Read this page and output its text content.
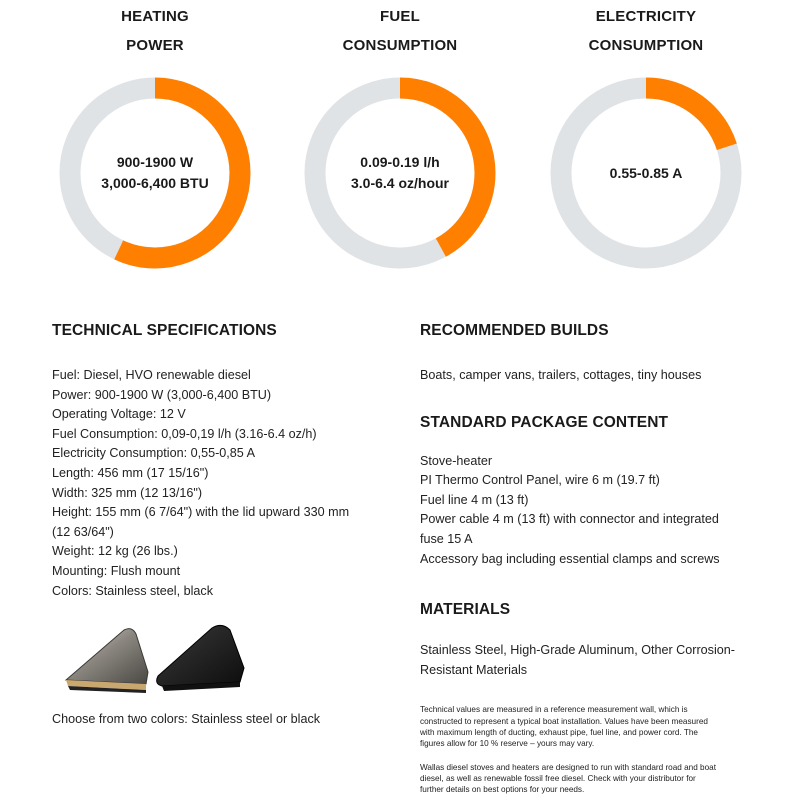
HEATING
POWER
900-1900 W
3,000-6,400 BTU
FUEL
CONSUMPTION
0.09-0.19 l/h
3.0-6.4 oz/hour
ELECTRICITY
CONSUMPTION
0.55-0.85 A
TECHNICAL SPECIFICATIONS
Fuel: Diesel, HVO renewable diesel
Power: 900-1900 W (3,000-6,400 BTU)
Operating Voltage: 12 V
Fuel Consumption: 0,09-0,19 l/h (3.16-6.4 oz/h)
Electricity Consumption: 0,55-0,85 A
Length: 456 mm (17 15/16")
Width: 325 mm (12 13/16")
Height: 155 mm (6 7/64") with the lid upward 330 mm
(12 63/64")
Weight: 12 kg (26 lbs.)
Mounting: Flush mount
Colors: Stainless steel, black
Choose from two colors: Stainless steel or black
RECOMMENDED BUILDS
Boats, camper vans, trailers, cottages, tiny houses
STANDARD PACKAGE CONTENT
Stove-heater
PI Thermo Control Panel, wire 6 m (19.7 ft)
Fuel line 4 m (13 ft)
Power cable 4 m (13 ft) with connector and integrated
fuse 15 A
Accessory bag including essential clamps and screws
MATERIALS
Stainless Steel, High-Grade Aluminum, Other Corrosion-
Resistant Materials
Technical values are measured in a reference measurement wall, which is
constructed to represent a typical boat installation. Values have been measured
with maximum length of ducting, exhaust pipe, fuel line, and power cord. The
figures allow for 10 % reserve – yours may vary.
Wallas diesel stoves and heaters are designed to run with standard road and boat
diesel, as well as renewable fossil free diesel. Check with your distributor for
further details on best options for your needs.
